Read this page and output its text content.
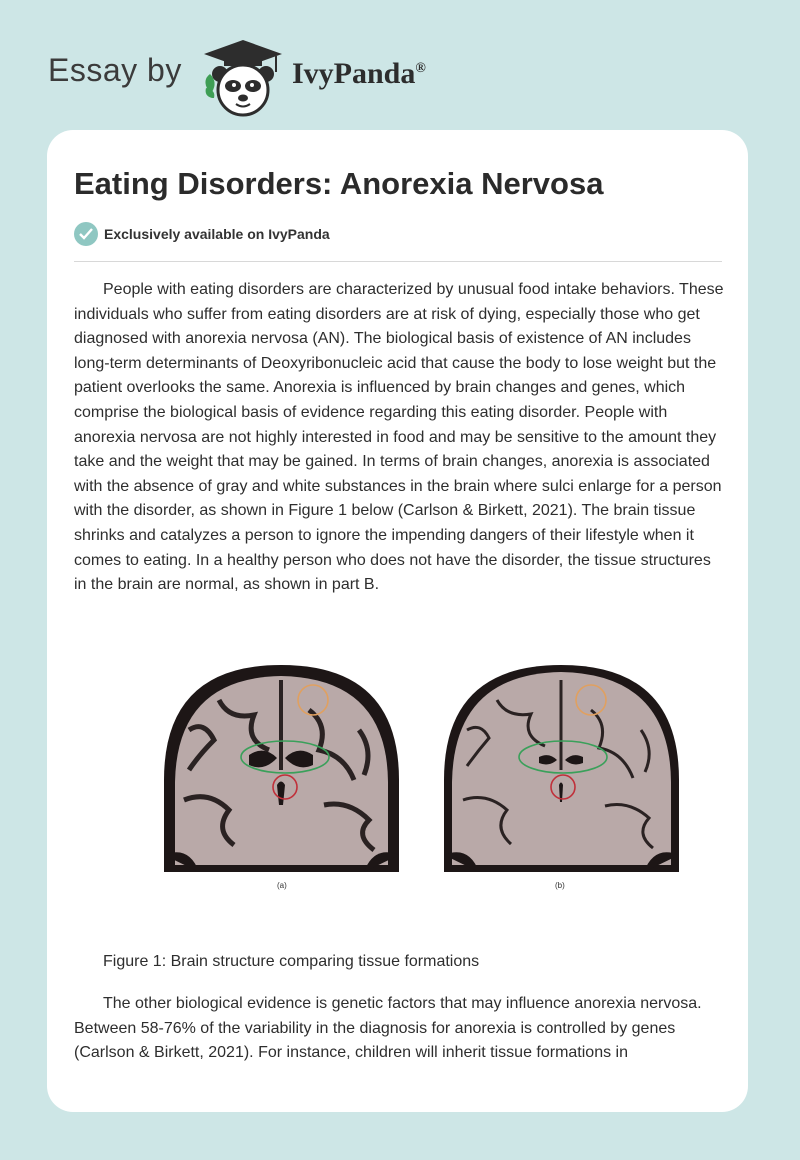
Essay by	IvyPanda®
Eating Disorders: Anorexia Nervosa
Exclusively available on IvyPanda

People with eating disorders are characterized by unusual food intake behaviors. These individuals who suffer from eating disorders are at risk of dying, especially those who get diagnosed with anorexia nervosa (AN). The biological basis of existence of AN includes long-term determinants of Deoxyribonucleic acid that cause the body to lose weight but the patient overlooks the same. Anorexia is influenced by brain changes and genes, which comprise the biological basis of evidence regarding this eating disorder. People with anorexia nervosa are not highly interested in food and may be sensitive to the amount they take and the weight that may be gained. In terms of brain changes, anorexia is associated with the absence of gray and white substances in the brain where sulci enlarge for a person with the disorder, as shown in Figure 1 below (Carlson & Birkett, 2021). The brain tissue shrinks and catalyzes a person to ignore the impending dangers of their lifestyle when it comes to eating. In a healthy person who does not have the disorder, the tissue structures in the brain are normal, as shown in part B.

(a)	(b)
Figure 1: Brain structure comparing tissue formations

The other biological evidence is genetic factors that may influence anorexia nervosa. Between 58-76% of the variability in the diagnosis for anorexia is controlled by genes (Carlson & Birkett, 2021). For instance, children will inherit tissue formations in
